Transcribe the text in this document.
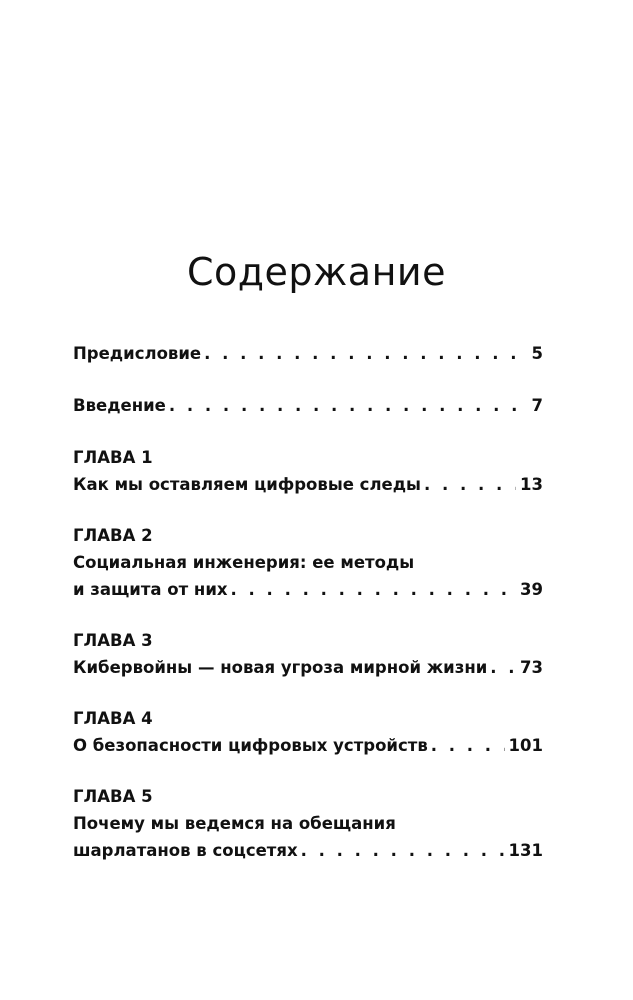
Содержание
Предисловие . . .	5
Введение . . .	7
ГЛАВА 1
Как мы оставляем цифровые следы . . .	13
ГЛАВА 2
Социальная инженерия: ее методы
и защита от них . . .	39
ГЛАВА 3
Кибервойны — новая угроза мирной жизни . . . 73
ГЛАВА 4
О безопасности цифровых устройств . . .	101
ГЛАВА 5
Почему мы ведемся на обещания
шарлатанов в соцсетях . . .	131
